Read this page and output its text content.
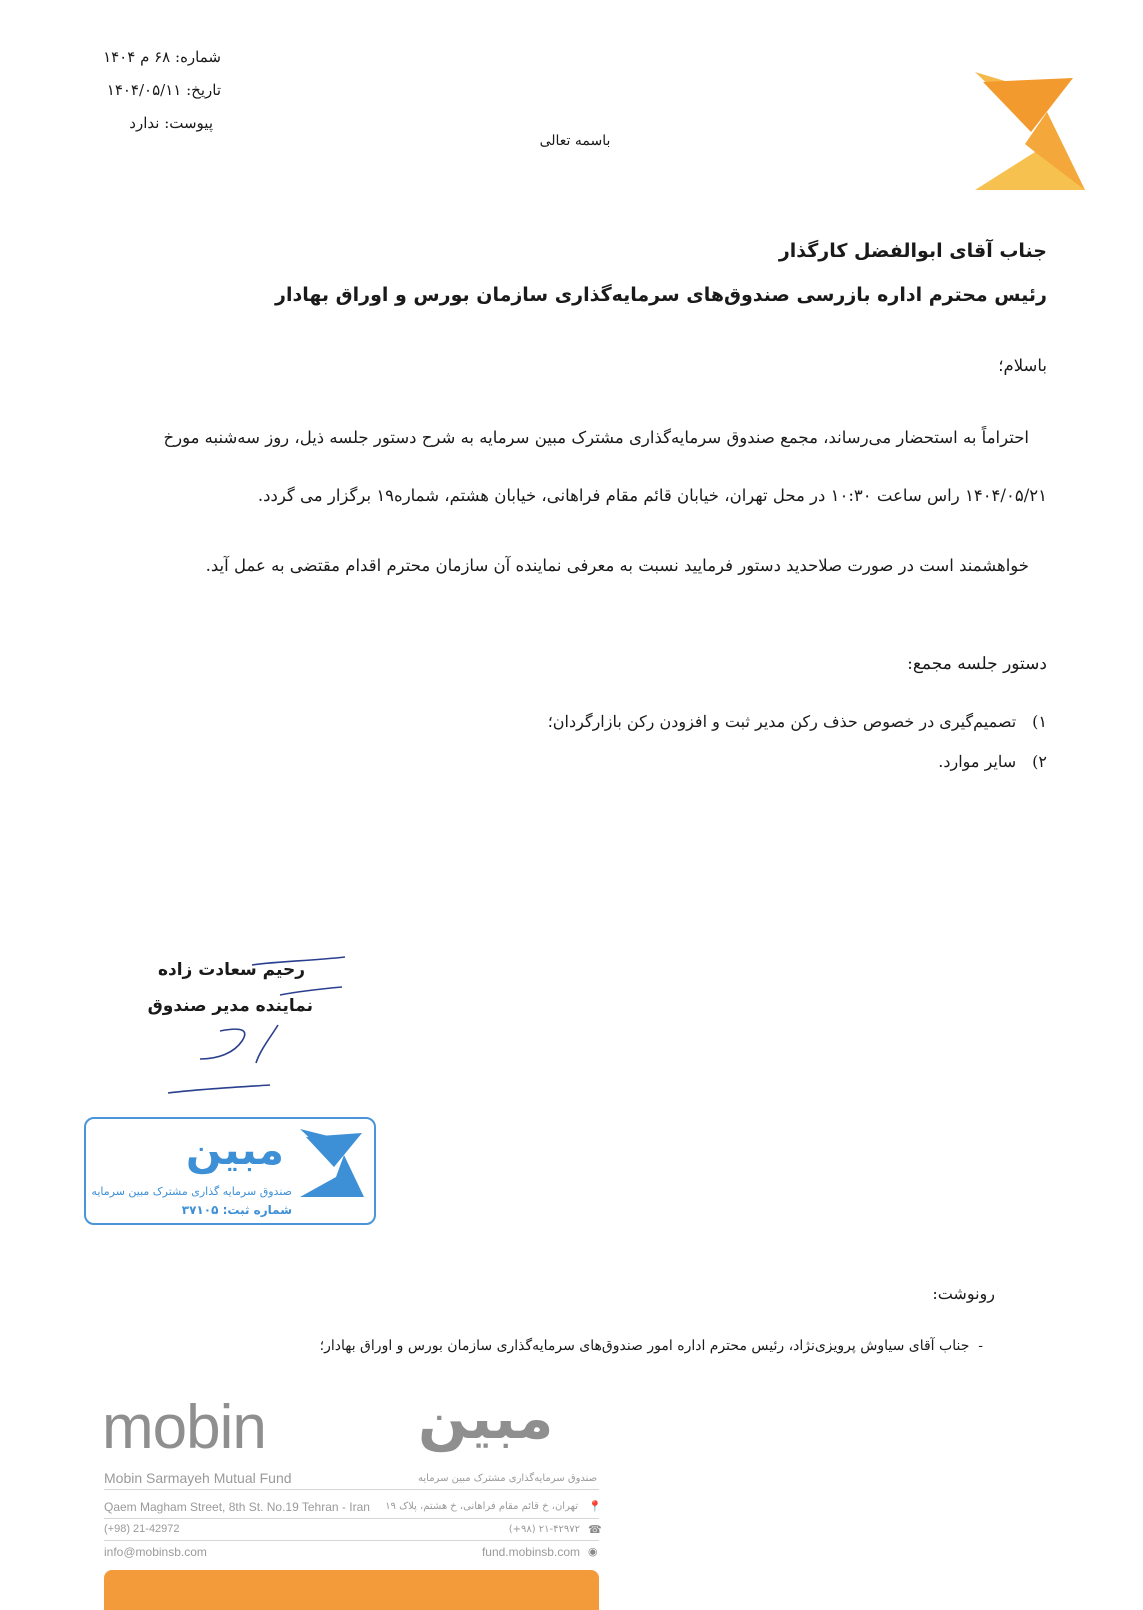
شماره: ۶۸ م ۱۴۰۴
تاریخ: ۱۴۰۴/۰۵/۱۱
پیوست: ندارد
باسمه تعالی
جناب آقای ابوالفضل کارگذار
رئیس محترم اداره بازرسی صندوق‌های سرمایه‌گذاری سازمان بورس و اوراق بهادار
باسلام؛
احتراماً به استحضار می‌رساند، مجمع صندوق سرمایه‌گذاری مشترک مبین سرمایه به شرح دستور جلسه ذیل، روز سه‌شنبه مورخ
۱۴۰۴/۰۵/۲۱ راس ساعت ۱۰:۳۰ در محل تهران، خیابان قائم مقام فراهانی، خیابان هشتم، شماره۱۹ برگزار می گردد.
خواهشمند است در صورت صلاحدید دستور فرمایید نسبت به معرفی نماینده آن سازمان محترم اقدام مقتضی به عمل آید.
دستور جلسه مجمع:
۱)تصمیم‌گیری در خصوص حذف رکن مدیر ثبت و افزودن رکن بازارگردان؛
۲)سایر موارد.
رحیم سعادت زاده
نماینده مدیر صندوق
مبین
صندوق سرمایه گذاری مشترک مبین سرمایه
شماره ثبت: ۳۷۱۰۵
رونوشت:
-  جناب آقای سیاوش پرویزی‌نژاد، رئیس محترم اداره امور صندوق‌های سرمایه‌گذاری سازمان بورس و اوراق بهادار؛
mobin
Mobin Sarmayeh Mutual Fund
مبین
صندوق سرمایه‌گذاری مشترک مبین سرمایه
Qaem Magham Street, 8th St. No.19 Tehran - Iran تهران، خ قائم مقام فراهانی، خ هشتم، پلاک ۱۹ 📍
(+98) 21-42972	(+۹۸) ۲۱-۴۲۹۷۲ ☎
info@mobinsb.com	fund.mobinsb.com ◉
